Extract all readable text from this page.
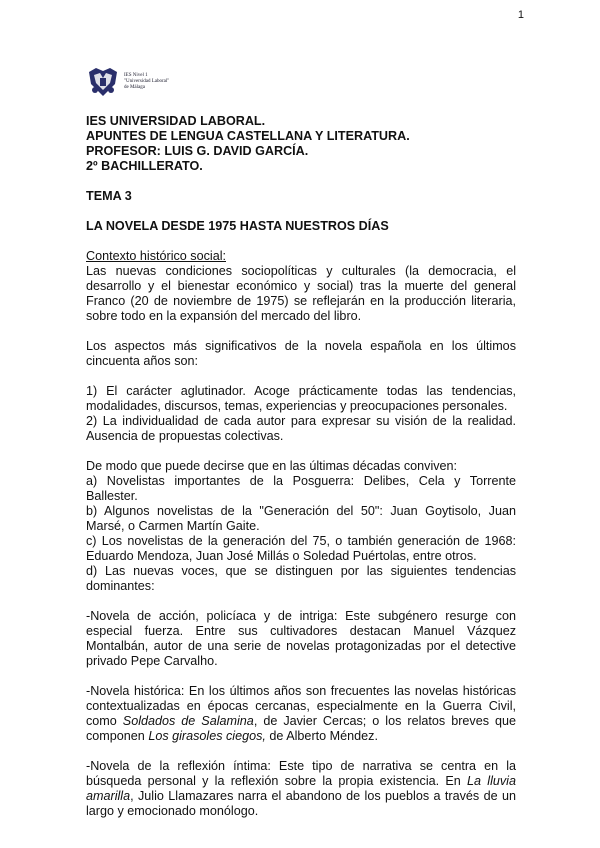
1
IES Nivel 1
"Universidad Laboral"
de Málaga
IES UNIVERSIDAD LABORAL.
APUNTES DE LENGUA CASTELLANA Y LITERATURA.
PROFESOR: LUIS G. DAVID GARCÍA.
2º BACHILLERATO.
TEMA 3
LA NOVELA DESDE 1975 HASTA NUESTROS DÍAS
Contexto histórico social:

Las nuevas condiciones sociopolíticas y culturales (la democracia, el desarrollo y el bienestar económico y social) tras la muerte del general Franco (20 de noviembre de 1975) se reflejarán en la producción literaria, sobre todo en la expansión del mercado del libro.

Los aspectos más significativos de la novela española en los últimos cincuenta años son:

1) El carácter aglutinador. Acoge prácticamente todas las tendencias, modalidades, discursos, temas, experiencias y preocupaciones personales.

2) La individualidad de cada autor para expresar su visión de la realidad. Ausencia de propuestas colectivas.

De modo que puede decirse que en las últimas décadas conviven:

a) Novelistas importantes de la Posguerra: Delibes, Cela y Torrente Ballester.

b) Algunos novelistas de la "Generación del 50": Juan Goytisolo, Juan Marsé, o Carmen Martín Gaite.

c) Los novelistas de la generación del 75, o también generación de 1968: Eduardo Mendoza, Juan José Millás o Soledad Puértolas, entre otros.

d) Las nuevas voces, que se distinguen por las siguientes tendencias dominantes:

-Novela de acción, policíaca y de intriga: Este subgénero resurge con especial fuerza. Entre sus cultivadores destacan Manuel Vázquez Montalbán, autor de una serie de novelas protagonizadas por el detective privado Pepe Carvalho.

-Novela histórica: En los últimos años son frecuentes las novelas históricas contextualizadas en épocas cercanas, especialmente en la Guerra Civil, como Soldados de Salamina, de Javier Cercas; o los relatos breves que componen Los girasoles ciegos, de Alberto Méndez.

-Novela de la reflexión íntima: Este tipo de narrativa se centra en la búsqueda personal y la reflexión sobre la propia existencia. En La lluvia amarilla, Julio Llamazares narra el abandono de los pueblos a través de un largo y emocionado monólogo.
